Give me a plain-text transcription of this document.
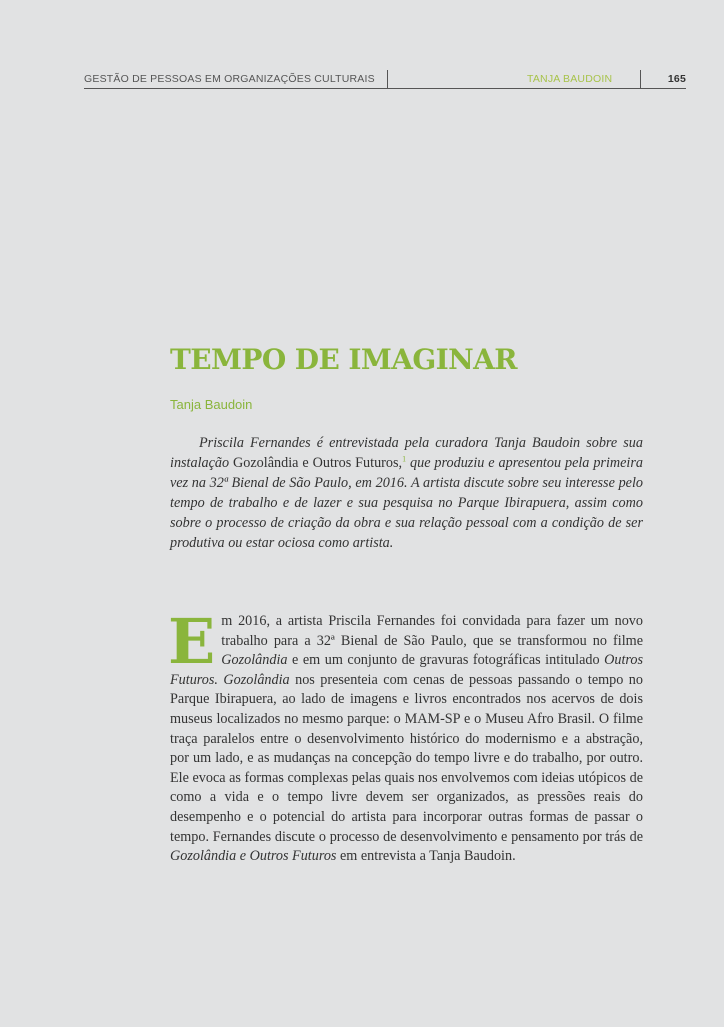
GESTÃO DE PESSOAS EM ORGANIZAÇÕES CULTURAIS	TANJA BAUDOIN	165
TEMPO DE IMAGINAR
Tanja Baudoin

Priscila Fernandes é entrevistada pela curadora Tanja Baudoin sobre sua instalação Gozolândia e Outros Futuros,$^1$ que produziu e apresentou pela primeira vez na 32ª Bienal de São Paulo, em 2016. A artista discute sobre seu interesse pelo tempo de trabalho e de lazer e sua pesquisa no Parque Ibirapuera, assim como sobre o processo de criação da obra e sua relação pessoal com a condição de ser produtiva ou estar ociosa como artista.

Em 2016, a artista Priscila Fernandes foi convidada para fazer um novo trabalho para a 32ª Bienal de São Paulo, que se transformou no filme Gozolândia e em um conjunto de gravuras fotográficas intitulado Outros Futuros. Gozolândia nos presenteia com cenas de pessoas passando o tempo no Parque Ibirapuera, ao lado de imagens e livros encontrados nos acervos de dois museus localizados no mesmo parque: o MAM-SP e o Museu Afro Brasil. O filme traça paralelos entre o desenvolvimento histórico do modernismo e a abstração, por um lado, e as mudanças na concepção do tempo livre e do trabalho, por outro. Ele evoca as formas complexas pelas quais nos envolvemos com ideias utópicos de como a vida e o tempo livre devem ser organizados, as pressões reais do desempenho e o potencial do artista para incorporar outras formas de passar o tempo. Fernandes discute o processo de desenvolvimento e pensamento por trás de Gozolândia e Outros Futuros em entrevista a Tanja Baudoin.
